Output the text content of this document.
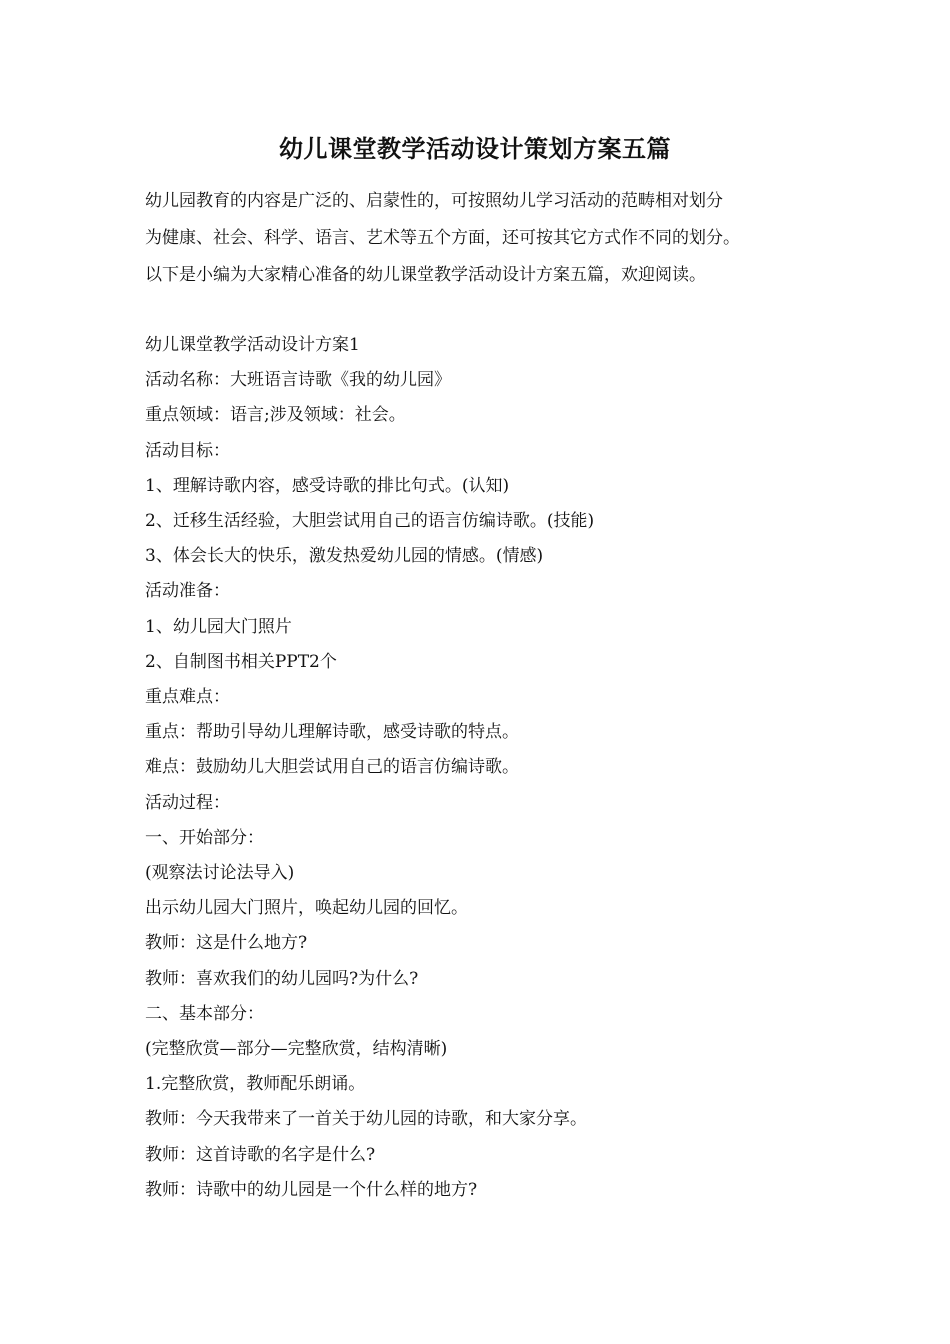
幼儿课堂教学活动设计策划方案五篇

幼儿园教育的内容是广泛的、启蒙性的，可按照幼儿学习活动的范畴相对划分

为健康、社会、科学、语言、艺术等五个方面，还可按其它方式作不同的划分。

以下是小编为大家精心准备的幼儿课堂教学活动设计方案五篇，欢迎阅读。

幼儿课堂教学活动设计方案1

活动名称：大班语言诗歌《我的幼儿园》

重点领域：语言;涉及领域：社会。

活动目标：

1、理解诗歌内容，感受诗歌的排比句式。(认知)

2、迁移生活经验，大胆尝试用自己的语言仿编诗歌。(技能)

3、体会长大的快乐，激发热爱幼儿园的情感。(情感)

活动准备：

1、幼儿园大门照片

2、自制图书相关PPT2个

重点难点：

重点：帮助引导幼儿理解诗歌，感受诗歌的特点。

难点：鼓励幼儿大胆尝试用自己的语言仿编诗歌。

活动过程：

一、开始部分：

(观察法讨论法导入)

出示幼儿园大门照片，唤起幼儿园的回忆。

教师：这是什么地方?

教师：喜欢我们的幼儿园吗?为什么?

二、基本部分：

(完整欣赏—部分—完整欣赏，结构清晰)

1.完整欣赏，教师配乐朗诵。

教师：今天我带来了一首关于幼儿园的诗歌，和大家分享。

教师：这首诗歌的名字是什么?

教师：诗歌中的幼儿园是一个什么样的地方?
